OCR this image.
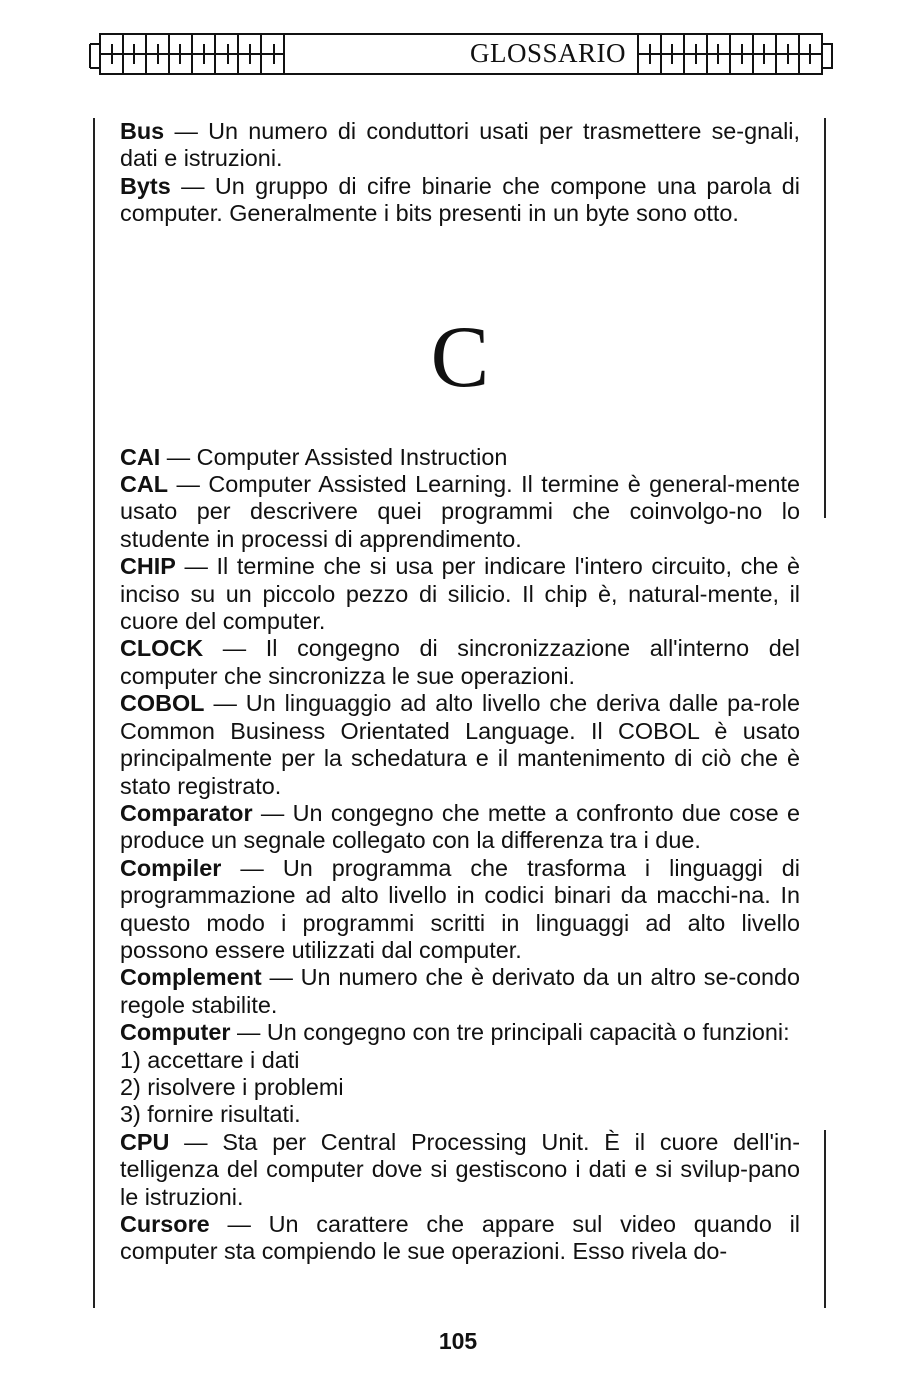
GLOSSARIO

Bus — Un numero di conduttori usati per trasmettere se-gnali, dati e istruzioni.

Byts — Un gruppo di cifre binarie che compone una parola di computer. Generalmente i bits presenti in un byte sono otto.

C

CAI — Computer Assisted Instruction

CAL — Computer Assisted Learning. Il termine è general-mente usato per descrivere quei programmi che coinvolgo-no lo studente in processi di apprendimento.

CHIP — Il termine che si usa per indicare l'intero circuito, che è inciso su un piccolo pezzo di silicio. Il chip è, natural-mente, il cuore del computer.

CLOCK — Il congegno di sincronizzazione all'interno del computer che sincronizza le sue operazioni.

COBOL — Un linguaggio ad alto livello che deriva dalle pa-role Common Business Orientated Language. Il COBOL è usato principalmente per la schedatura e il mantenimento di ciò che è stato registrato.

Comparator — Un congegno che mette a confronto due cose e produce un segnale collegato con la differenza tra i due.

Compiler — Un programma che trasforma i linguaggi di programmazione ad alto livello in codici binari da macchi-na. In questo modo i programmi scritti in linguaggi ad alto livello possono essere utilizzati dal computer.

Complement — Un numero che è derivato da un altro se-condo regole stabilite.

Computer — Un congegno con tre principali capacità o funzioni:

1) accettare i dati

2) risolvere i problemi

3) fornire risultati.

CPU — Sta per Central Processing Unit. È il cuore dell'in-telligenza del computer dove si gestiscono i dati e si svilup-pano le istruzioni.

Cursore — Un carattere che appare sul video quando il computer sta compiendo le sue operazioni. Esso rivela do-

105
